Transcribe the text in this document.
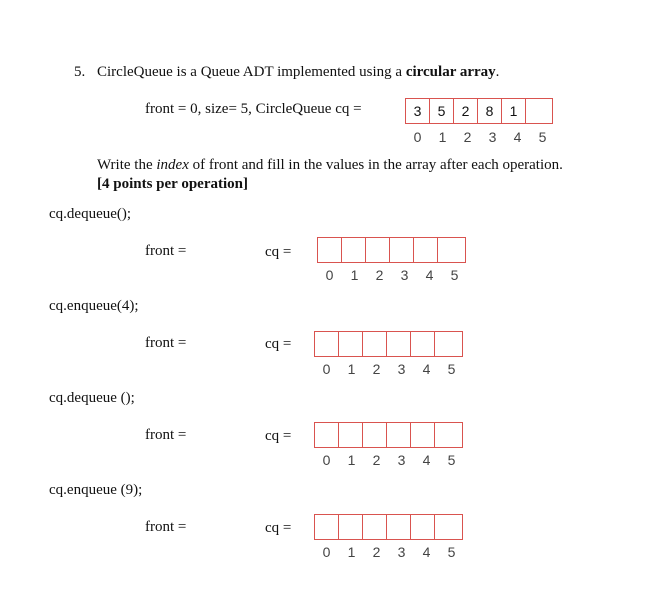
5. CircleQueue is a Queue ADT implemented using a circular array.
front = 0, size= 5, CircleQueue cq =	3	5	2	8	1
0	1	2	3	4	5
Write the index of front and fill in the values in the array after each operation.
[4 points per operation]
cq.dequeue();
front =	cq =
0	1	2	3	4	5
cq.enqueue(4);
front =	cq =
0	1	2	3	4	5
cq.dequeue ();
front =	cq =
0	1	2	3	4	5
cq.enqueue (9);
front =	cq =
0	1	2	3	4	5
